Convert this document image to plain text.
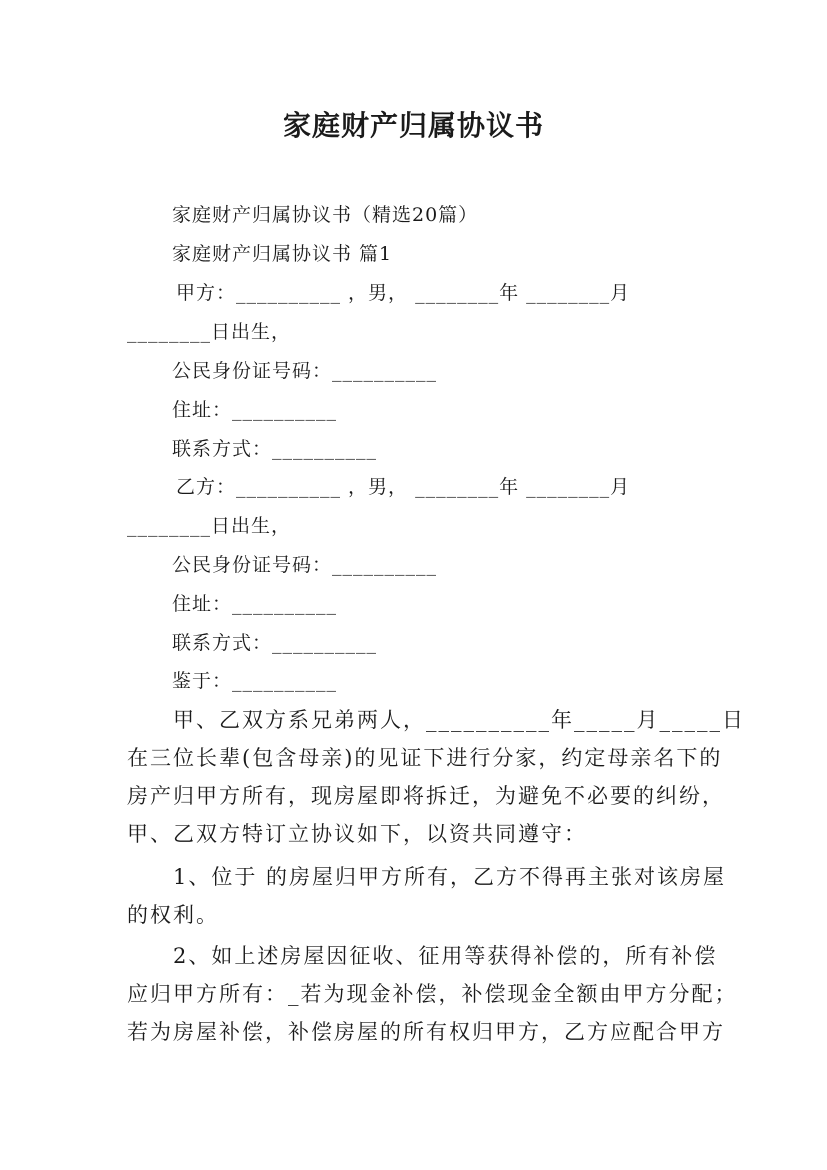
家庭财产归属协议书
家庭财产归属协议书（精选20篇）
家庭财产归属协议书 篇1
甲方：__________ ，男， ________年 ________月
________日出生，
公民身份证号码：__________
住址：__________
联系方式：__________
乙方：__________ ，男， ________年 ________月
________日出生，
公民身份证号码：__________
住址：__________
联系方式：__________
鉴于：__________
　　甲、乙双方系兄弟两人，__________年_____月_____日
在三位长辈(包含母亲)的见证下进行分家，约定母亲名下的
房产归甲方所有，现房屋即将拆迁，为避免不必要的纠纷，
甲、乙双方特订立协议如下，以资共同遵守：
　　1、位于 的房屋归甲方所有，乙方不得再主张对该房屋
的权利。
　　2、如上述房屋因征收、征用等获得补偿的，所有补偿
应归甲方所有：_若为现金补偿，补偿现金全额由甲方分配；
若为房屋补偿，补偿房屋的所有权归甲方，乙方应配合甲方
